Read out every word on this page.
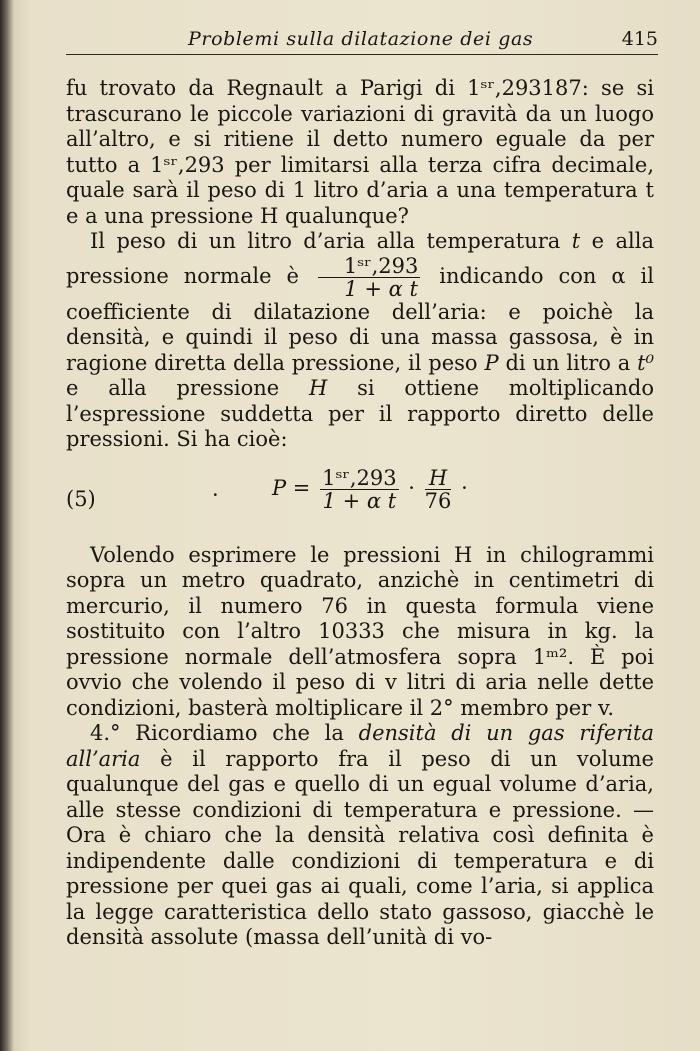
Problemi sulla dilatazione dei gas	415

fu trovato da Regnault a Parigi di 1ˢʳ,293187: se si trascurano le piccole variazioni di gravità da un luogo all’altro, e si ritiene il detto numero eguale da per tutto a 1ˢʳ,293 per limitarsi alla terza cifra decimale, quale sarà il peso di 1 litro d’aria a una temperatura t e a una pressione H qualunque?

Il peso di un litro d’aria alla temperatura t e alla pressione normale è $\frac{\text{1ˢʳ,293}}{\text{1 + α t}}$ indicando con α il coefficiente di dilatazione dell’aria: e poichè la densità, e quindi il peso di una massa gassosa, è in ragione diretta della pressione, il peso P di un litro a t⁰ e alla pressione H si ottiene moltiplicando l’espressione suddetta per il rapporto diretto delle pressioni. Si ha cioè:

(5)	·	$P = \frac{\text{1ˢʳ,293}}{\text{1 + α t}} \cdot \frac{H}{76}$ ·

Volendo esprimere le pressioni H in chilogrammi sopra un metro quadrato, anzichè in centimetri di mercurio, il numero 76 in questa formula viene sostituito con l’altro 10333 che misura in kg. la pressione normale dell’atmosfera sopra 1ᵐ². È poi ovvio che volendo il peso di v litri di aria nelle dette condizioni, basterà moltiplicare il 2° membro per v.

4.° Ricordiamo che la densità di un gas riferita all’aria è il rapporto fra il peso di un volume qualunque del gas e quello di un egual volume d’aria, alle stesse condizioni di temperatura e pressione. — Ora è chiaro che la densità relativa così definita è indipendente dalle condizioni di temperatura e di pressione per quei gas ai quali, come l’aria, si applica la legge caratteristica dello stato gassoso, giacchè le densità assolute (massa dell’unità di vo-
